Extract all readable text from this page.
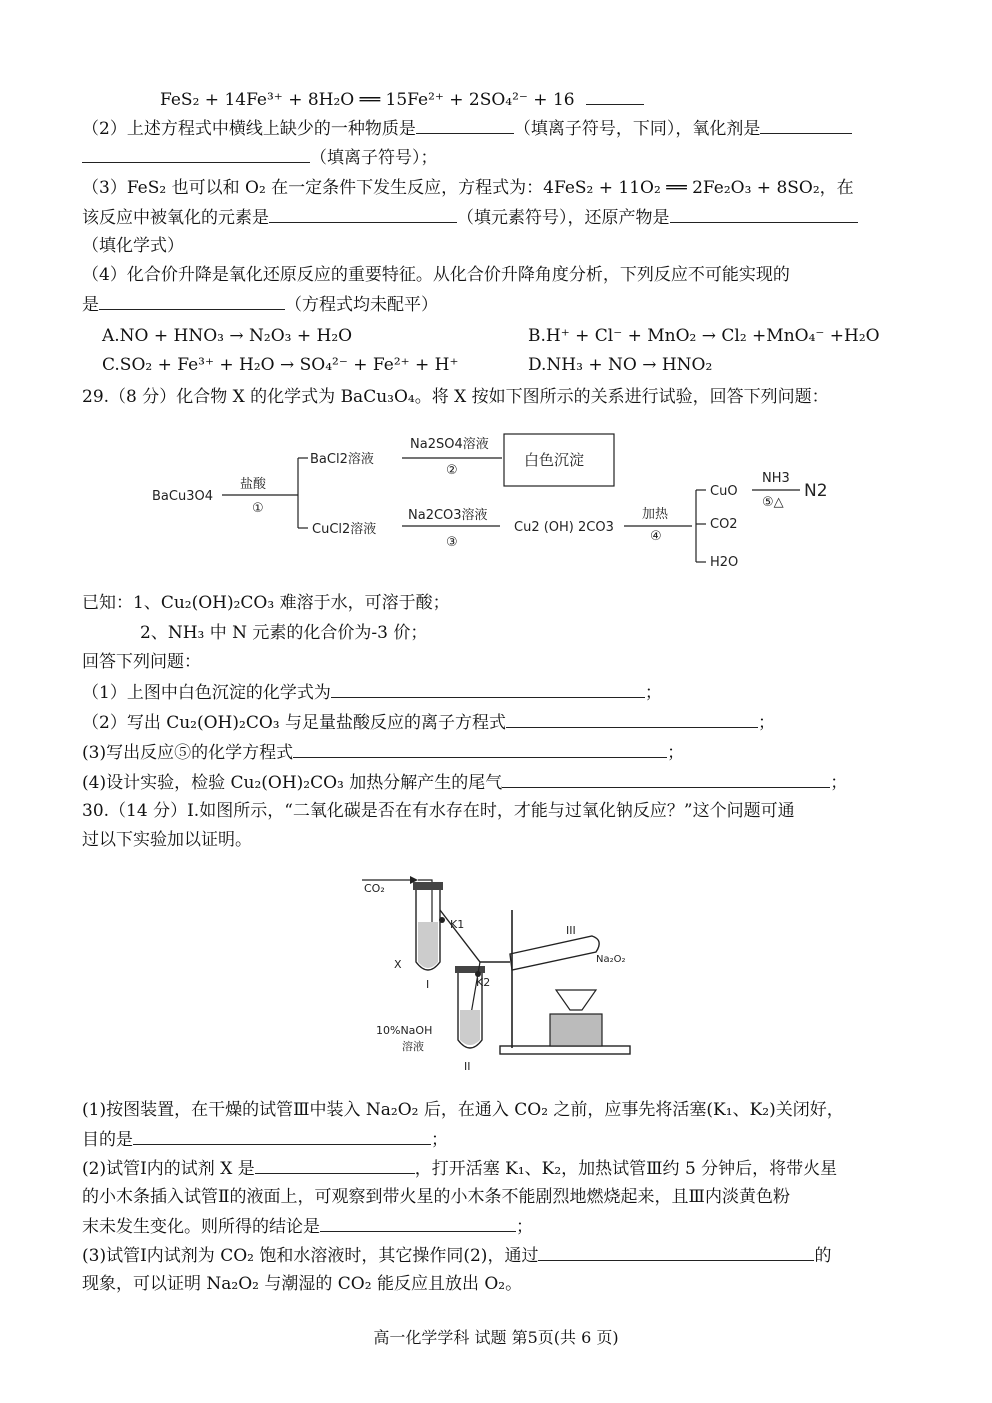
FeS₂ + 14Fe³⁺ + 8H₂O ══ 15Fe²⁺ + 2SO₄²⁻ + 16
（2）上述方程式中横线上缺少的一种物质是	（填离子符号，下同），氧化剂是
（填离子符号）；
（3）FeS₂ 也可以和 O₂ 在一定条件下发生反应，方程式为：4FeS₂ + 11O₂ ══ 2Fe₂O₃ + 8SO₂，在
该反应中被氧化的元素是	（填元素符号），还原产物是
（填化学式）
（4）化合价升降是氧化还原反应的重要特征。从化合价升降角度分析，下列反应不可能实现的
是	（方程式均未配平）
A.NO + HNO₃ → N₂O₃ + H₂O	B.H⁺ + Cl⁻ + MnO₂ → Cl₂ +MnO₄⁻ +H₂O
C.SO₂ + Fe³⁺ + H₂O → SO₄²⁻ + Fe²⁺ + H⁺	D.NH₃ + NO → HNO₂
29.（8 分）化合物 X 的化学式为 BaCu₃O₄。将 X 按如下图所示的关系进行试验，回答下列问题：
BaCu3O4
盐酸
①
BaCl2溶液
Na2SO4溶液
②
白色沉淀
CuCl2溶液
Na2CO3溶液
③
Cu2 (OH) 2CO3
加热
④
CuO
CO2
H2O
NH3
⑤△
N2
已知：1、Cu₂(OH)₂CO₃ 难溶于水，可溶于酸；
2、NH₃ 中 N 元素的化合价为-3 价；
回答下列问题：
（1）上图中白色沉淀的化学式为	；
（2）写出 Cu₂(OH)₂CO₃ 与足量盐酸反应的离子方程式	；
(3)写出反应⑤的化学方程式	；
(4)设计实验，检验 Cu₂(OH)₂CO₃ 加热分解产生的尾气	；
30.（14 分）Ⅰ.如图所示，“二氧化碳是否在有水存在时，才能与过氧化钠反应？”这个问题可通
过以下实验加以证明。
CO₂
X
I
K1	III
Na₂O₂
K2
10%NaOH
溶液
II
(1)按图装置，在干燥的试管Ⅲ中装入 Na₂O₂ 后，在通入 CO₂ 之前，应事先将活塞(K₁、K₂)关闭好，
目的是	；
(2)试管Ⅰ内的试剂 X 是	，打开活塞 K₁、K₂，加热试管Ⅲ约 5 分钟后，将带火星
的小木条插入试管Ⅱ的液面上，可观察到带火星的小木条不能剧烈地燃烧起来，且Ⅲ内淡黄色粉
末未发生变化。则所得的结论是	；
(3)试管Ⅰ内试剂为 CO₂ 饱和水溶液时，其它操作同(2)，通过	的
现象，可以证明 Na₂O₂ 与潮湿的 CO₂ 能反应且放出 O₂。
高一化学学科 试题 第5页(共 6 页)
